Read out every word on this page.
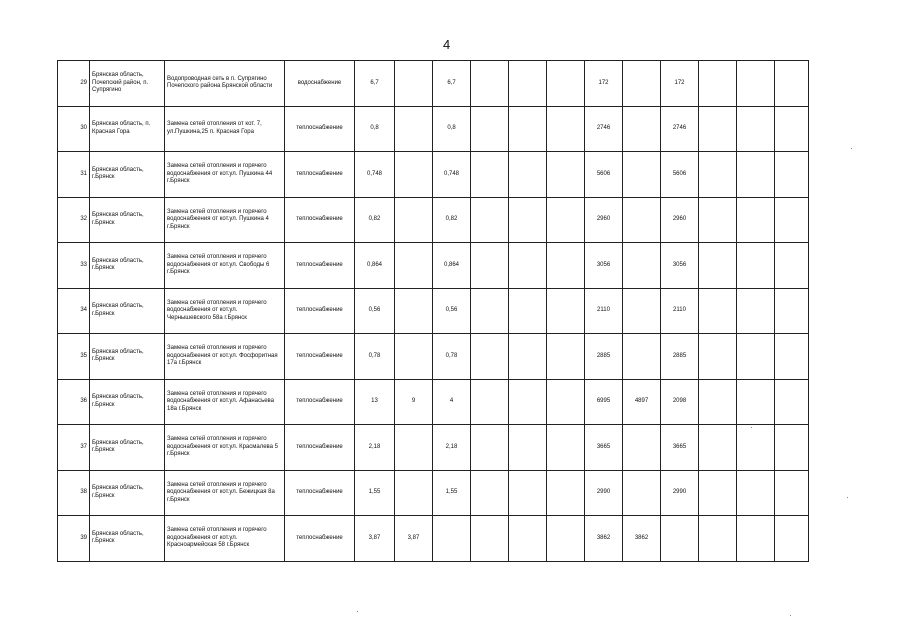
4
29	Брянская область, Почепский район, п. Супрягино	Водопроводная сеть в п. Супрягино Почепского района Брянской области	водоснабжение	6,7		6,7				172		172			
30	Брянская область, п. Красная Гора	Замена сетей отопления от кот. 7, ул.Пушкина,25 п. Красная Гора	теплоснабжение	0,8		0,8				2746		2746			
31	Брянская область, г.Брянск	Замена сетей отопления и горячего водоснабжения от кот.ул. Пушкина 44 г.Брянск	теплоснабжение	0,748		0,748				5606		5606			
32	Брянская область, г.Брянск	Замена сетей отопления и горячего водоснабжения от кот.ул. Пушкина 4 г.Брянск	теплоснабжение	0,82		0,82				2960		2960			
33	Брянская область, г.Брянск	Замена сетей отопления и горячего водоснабжения от кот.ул. Свободы 6 г.Брянск	теплоснабжение	0,864		0,864				3056		3056			
34	Брянская область, г.Брянск	Замена сетей отопления и горячего водоснабжения от кот.ул. Чернышевского 58а г.Брянск	теплоснабжение	0,56		0,56				2110		2110			
35	Брянская область, г.Брянск	Замена сетей отопления и горячего водоснабжения от кот.ул. Фосфоритная 17а г.Брянск	теплоснабжение	0,78		0,78				2885		2885			
36	Брянская область, г.Брянск	Замена сетей отопления и горячего водоснабжения от кот.ул. Афанасьева 18а г.Брянск	теплоснабжение	13	9	4				6995	4897	2098			
37	Брянская область, г.Брянск	Замена сетей отопления и горячего водоснабжения от кот.ул. Красмалева 5 г.Брянск	теплоснабжение	2,18		2,18				3665		3665			
38	Брянская область, г.Брянск	Замена сетей отопления и горячего водоснабжения от кот.ул. Бежицкая 8а г.Брянск	теплоснабжение	1,55		1,55				2990		2990			
39	Брянская область, г.Брянск	Замена сетей отопления и горячего водоснабжения от кот.ул. Красноармейская 58 г.Брянск	теплоснабжение	3,87	3,87					3862	3862				
